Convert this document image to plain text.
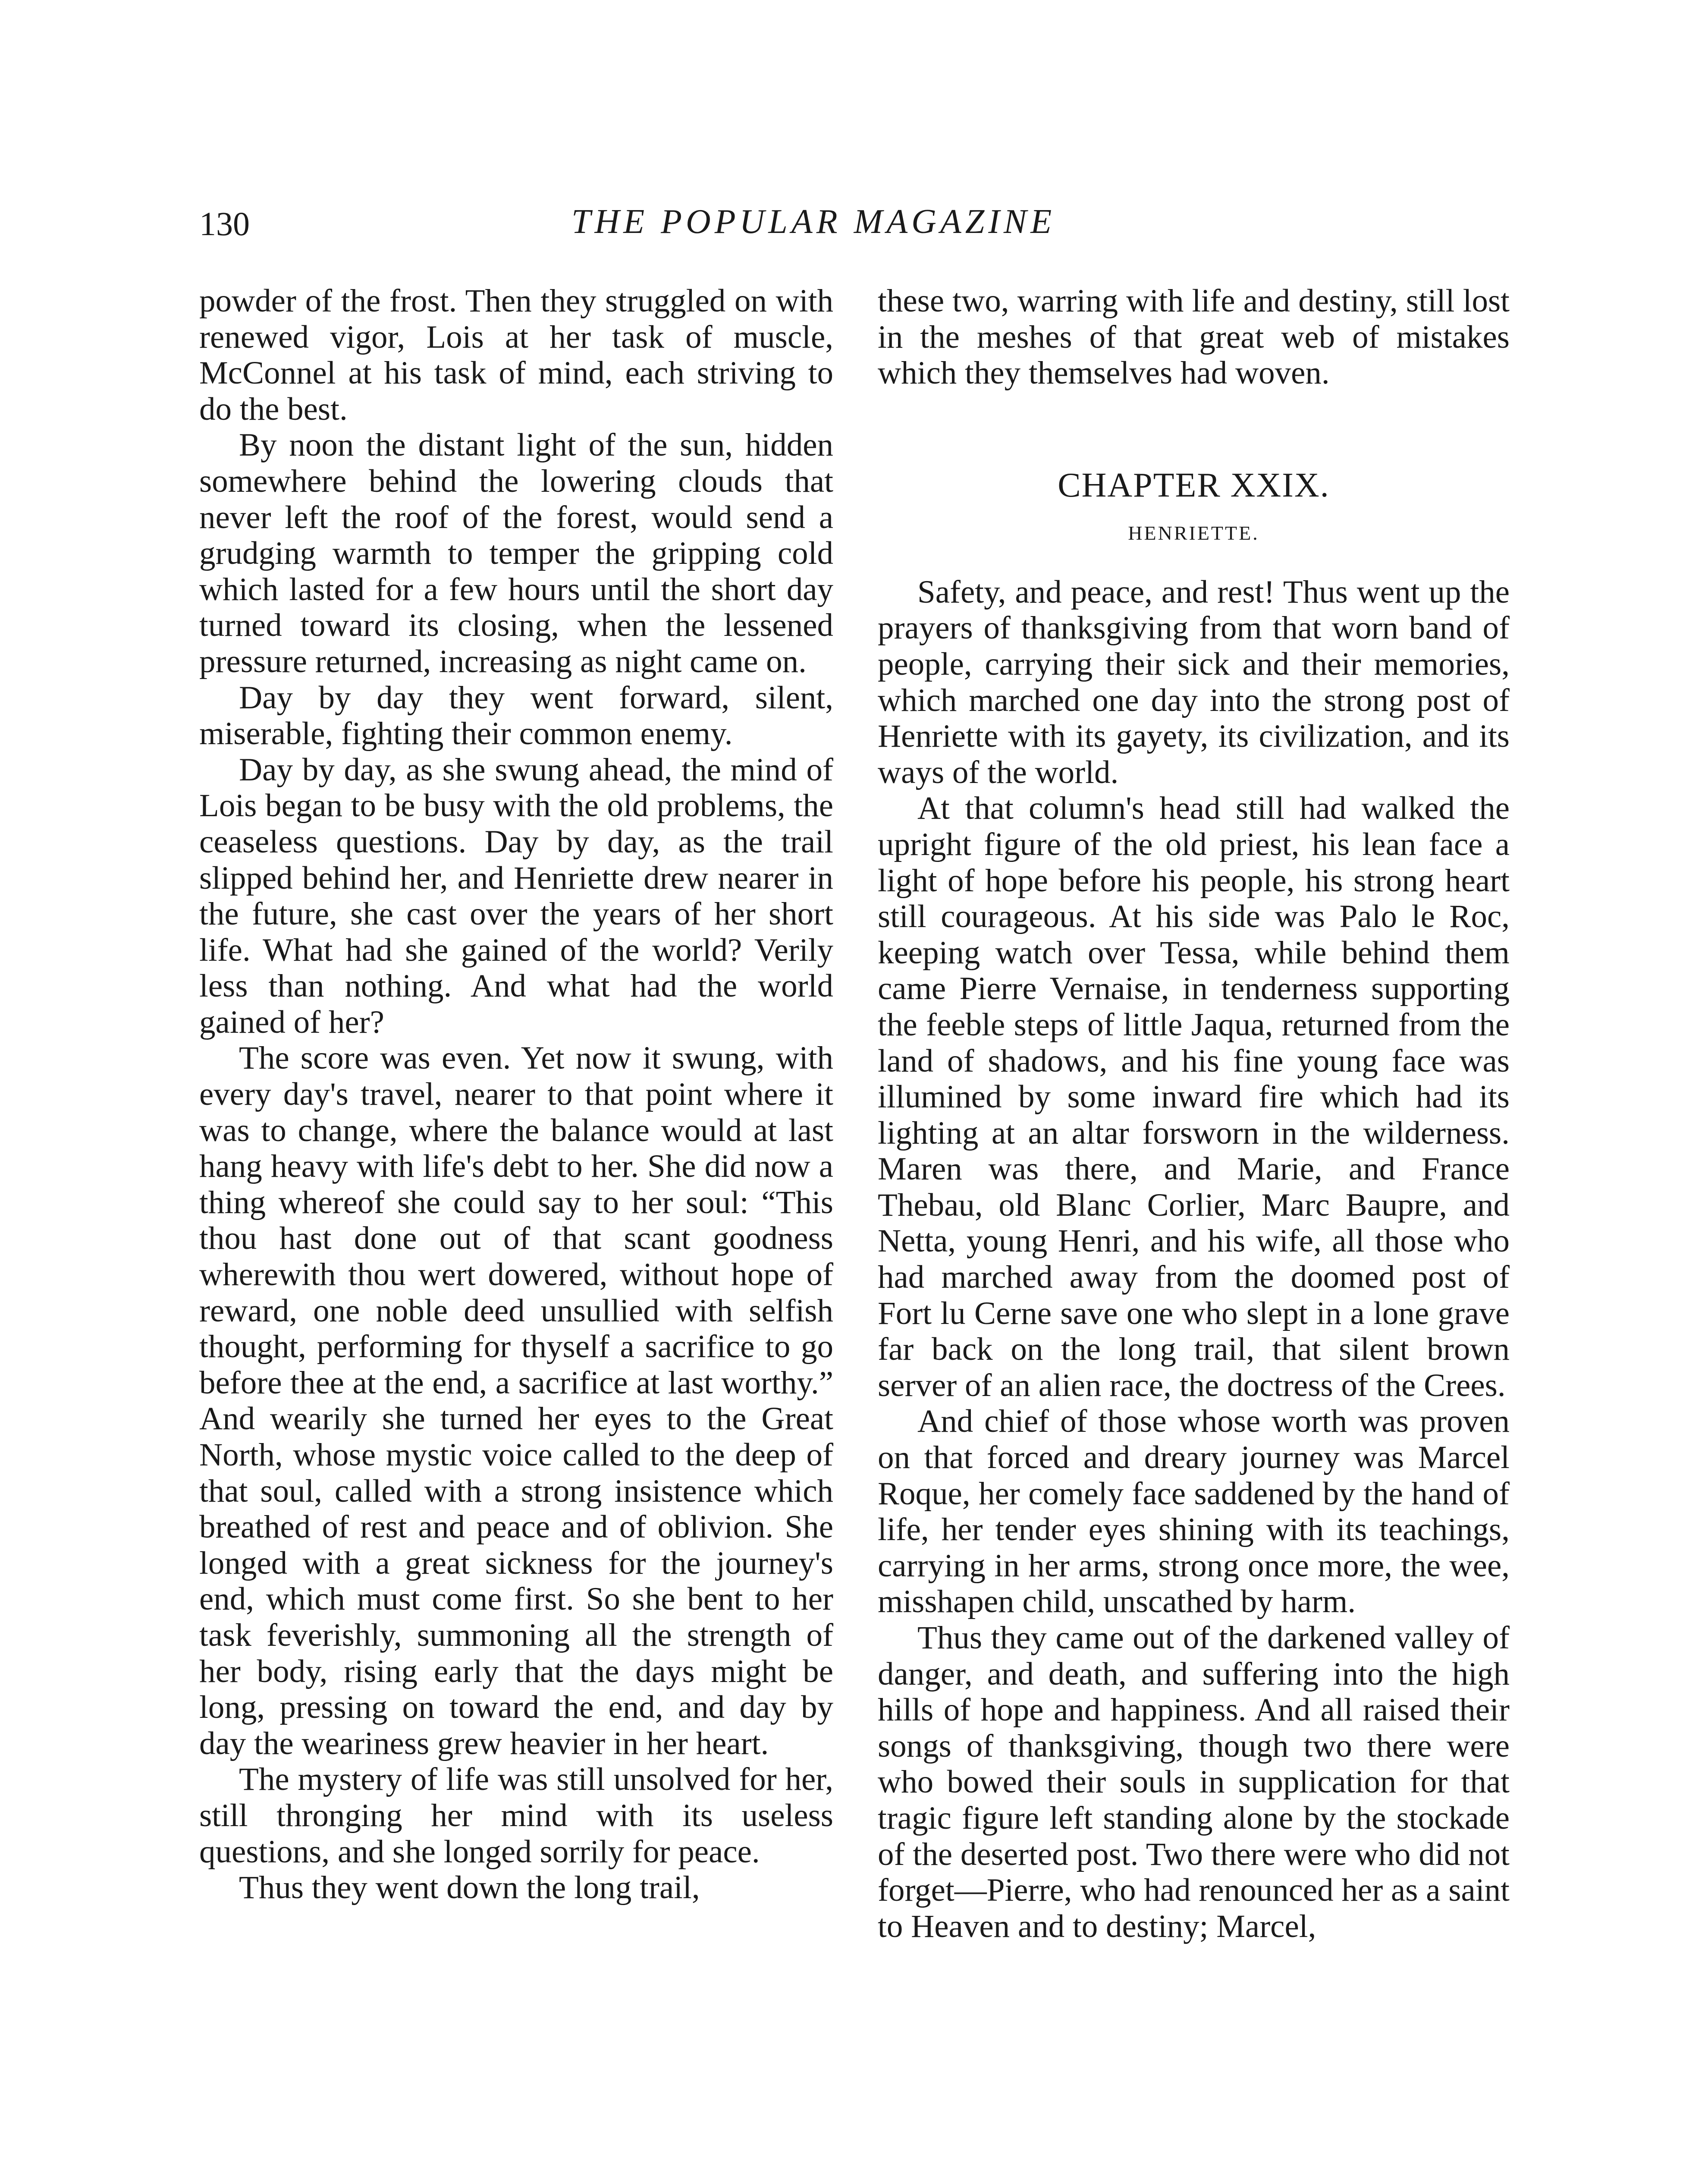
130	THE POPULAR MAGAZINE

powder of the frost. Then they struggled on with renewed vigor, Lois at her task of muscle, McConnel at his task of mind, each striving to do the best.

By noon the distant light of the sun, hidden somewhere behind the lowering clouds that never left the roof of the forest, would send a grudging warmth to temper the gripping cold which lasted for a few hours until the short day turned toward its closing, when the lessened pressure returned, increasing as night came on.

Day by day they went forward, silent, miserable, fighting their common enemy.

Day by day, as she swung ahead, the mind of Lois began to be busy with the old problems, the ceaseless questions. Day by day, as the trail slipped behind her, and Henriette drew nearer in the future, she cast over the years of her short life. What had she gained of the world? Verily less than nothing. And what had the world gained of her?

The score was even. Yet now it swung, with every day's travel, nearer to that point where it was to change, where the balance would at last hang heavy with life's debt to her. She did now a thing whereof she could say to her soul: “This thou hast done out of that scant goodness wherewith thou wert dowered, without hope of reward, one noble deed unsullied with selfish thought, performing for thyself a sacrifice to go before thee at the end, a sacrifice at last worthy.” And wearily she turned her eyes to the Great North, whose mystic voice called to the deep of that soul, called with a strong insistence which breathed of rest and peace and of oblivion. She longed with a great sickness for the journey's end, which must come first. So she bent to her task feverishly, summoning all the strength of her body, rising early that the days might be long, pressing on toward the end, and day by day the weariness grew heavier in her heart.

The mystery of life was still unsolved for her, still thronging her mind with its useless questions, and she longed sorrily for peace.

Thus they went down the long trail,

these two, warring with life and destiny, still lost in the meshes of that great web of mistakes which they themselves had woven.

CHAPTER XXIX.
HENRIETTE.

Safety, and peace, and rest! Thus went up the prayers of thanksgiving from that worn band of people, carrying their sick and their memories, which marched one day into the strong post of Henriette with its gayety, its civilization, and its ways of the world.

At that column's head still had walked the upright figure of the old priest, his lean face a light of hope before his people, his strong heart still courageous. At his side was Palo le Roc, keeping watch over Tessa, while behind them came Pierre Vernaise, in tenderness supporting the feeble steps of little Jaqua, returned from the land of shadows, and his fine young face was illumined by some inward fire which had its lighting at an altar forsworn in the wilderness. Maren was there, and Marie, and France Thebau, old Blanc Corlier, Marc Baupre, and Netta, young Henri, and his wife, all those who had marched away from the doomed post of Fort lu Cerne save one who slept in a lone grave far back on the long trail, that silent brown server of an alien race, the doctress of the Crees.

And chief of those whose worth was proven on that forced and dreary journey was Marcel Roque, her comely face saddened by the hand of life, her tender eyes shining with its teachings, carrying in her arms, strong once more, the wee, misshapen child, unscathed by harm.

Thus they came out of the darkened valley of danger, and death, and suffering into the high hills of hope and happiness. And all raised their songs of thanksgiving, though two there were who bowed their souls in supplication for that tragic figure left standing alone by the stockade of the deserted post. Two there were who did not forget—Pierre, who had renounced her as a saint to Heaven and to destiny; Marcel,
